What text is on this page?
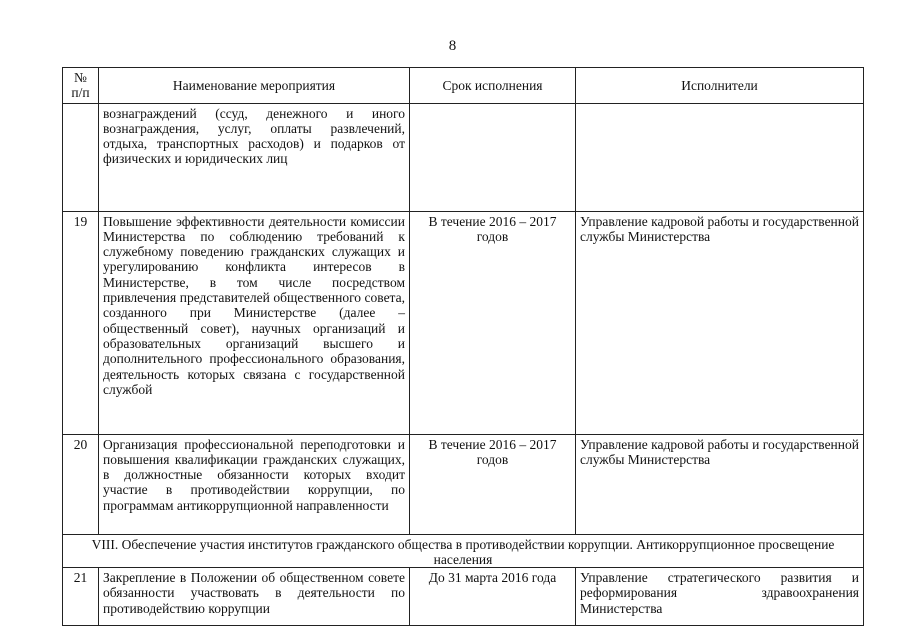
8
№ п/п	Наименование мероприятия	Срок исполнения	Исполнители
	вознаграждений (ссуд, денежного и иного вознаграждения, услуг, оплаты развлечений, отдыха, транспортных расходов) и подарков от физических и юридических лиц		
19	Повышение эффективности деятельности комиссии Министерства по соблюдению требований к служебному поведению гражданских служащих и урегулированию конфликта интересов в Министерстве, в том числе посредством привлечения представителей общественного совета, созданного при Министерстве (далее – общественный совет), научных организаций и образовательных организаций высшего и дополнительного профессионального образования, деятельность которых связана с государственной службой	В течение 2016 – 2017 годов	Управление кадровой работы и государственной службы Министерства
20	Организация профессиональной переподготовки и повышения квалификации гражданских служащих, в должностные обязанности которых входит участие в противодействии коррупции, по программам антикоррупционной направленности	В течение 2016 – 2017 годов	Управление кадровой работы и государственной службы Министерства
VIII. Обеспечение участия институтов гражданского общества в противодействии коррупции. Антикоррупционное просвещение населения			
21	Закрепление в Положении об общественном совете обязанности участвовать в деятельности по противодействию коррупции	До 31 марта 2016 года	Управление стратегического развития и реформирования здравоохранения Министерства
